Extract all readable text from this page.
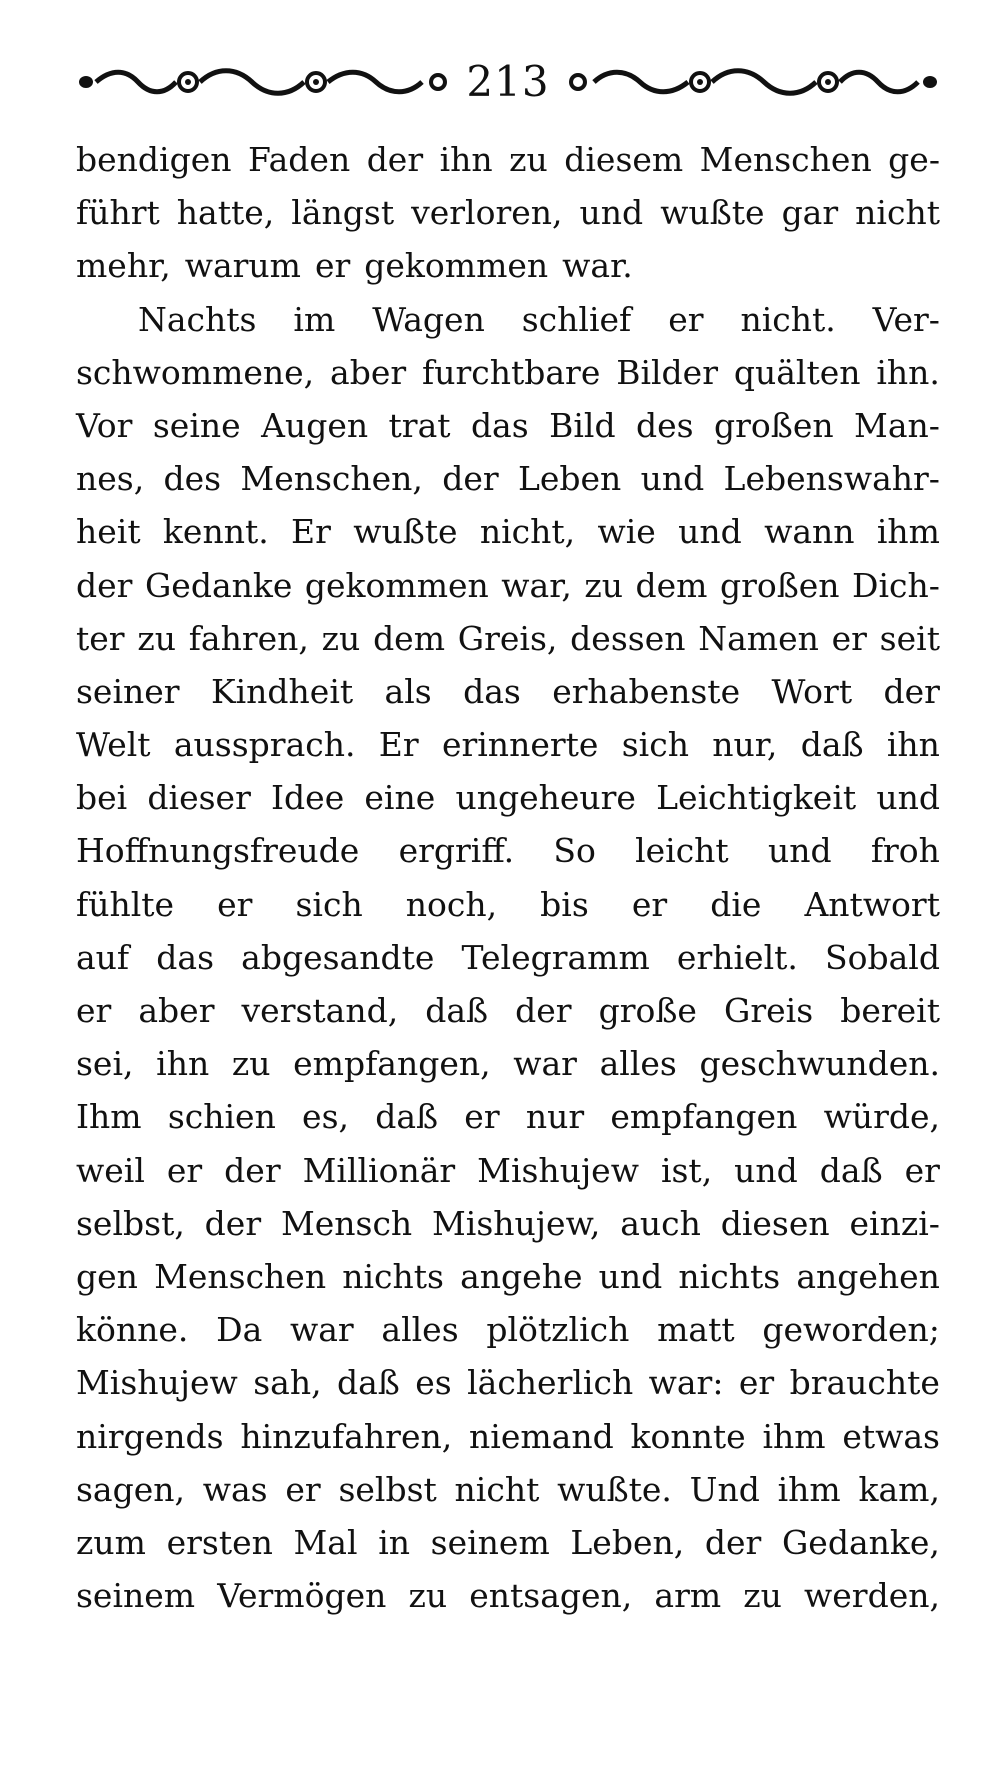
213
bendigen Faden der ihn zu diesem Menschen ge-
führt hatte, längst verloren, und wußte gar nicht
mehr, warum er gekommen war.
Nachts im Wagen schlief er nicht. Ver-
schwommene, aber furchtbare Bilder quälten ihn.
Vor seine Augen trat das Bild des großen Man-
nes, des Menschen, der Leben und Lebenswahr-
heit kennt. Er wußte nicht, wie und wann ihm
der Gedanke gekommen war, zu dem großen Dich-
ter zu fahren, zu dem Greis, dessen Namen er seit
seiner Kindheit als das erhabenste Wort der
Welt aussprach. Er erinnerte sich nur, daß ihn
bei dieser Idee eine ungeheure Leichtigkeit und
Hoffnungsfreude ergriff. So leicht und froh
fühlte er sich noch, bis er die Antwort
auf das abgesandte Telegramm erhielt. Sobald
er aber verstand, daß der große Greis bereit
sei, ihn zu empfangen, war alles geschwunden.
Ihm schien es, daß er nur empfangen würde,
weil er der Millionär Mishujew ist, und daß er
selbst, der Mensch Mishujew, auch diesen einzi-
gen Menschen nichts angehe und nichts angehen
könne. Da war alles plötzlich matt geworden;
Mishujew sah, daß es lächerlich war: er brauchte
nirgends hinzufahren, niemand konnte ihm etwas
sagen, was er selbst nicht wußte. Und ihm kam,
zum ersten Mal in seinem Leben, der Gedanke,
seinem Vermögen zu entsagen, arm zu werden,
